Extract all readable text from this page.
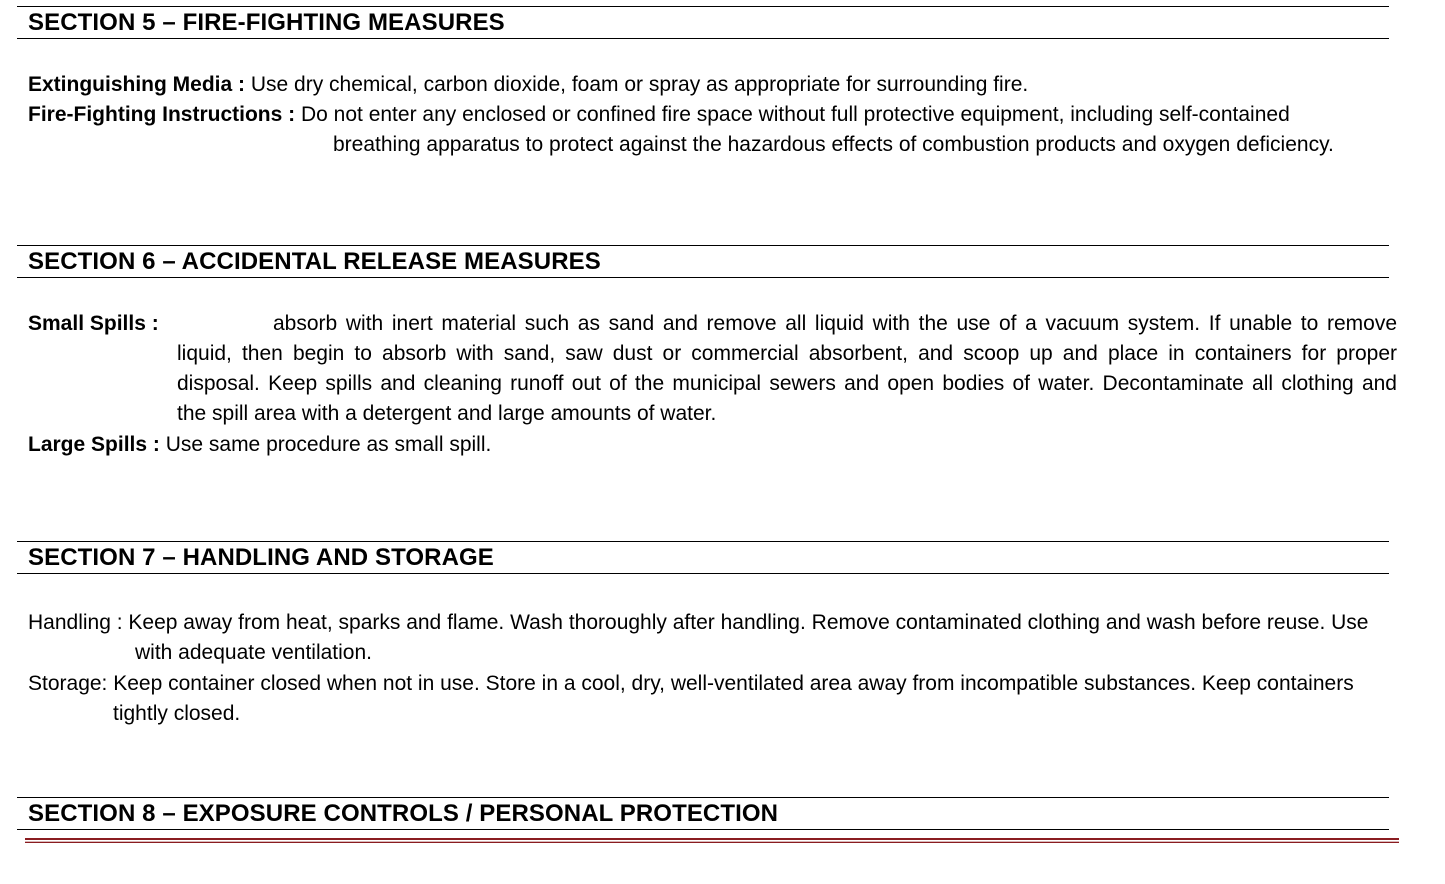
SECTION 5 – FIRE-FIGHTING MEASURES
Extinguishing Media : Use dry chemical, carbon dioxide, foam or spray as appropriate for surrounding fire.
Fire-Fighting Instructions : Do not enter any enclosed or confined fire space without full protective equipment, including self-contained
breathing apparatus to protect against the hazardous effects of combustion products and oxygen deficiency.
SECTION 6 – ACCIDENTAL RELEASE MEASURES
Small Spills :	absorb with inert material such as sand and remove all liquid with the use of a vacuum system. If unable to remove
liquid, then begin to absorb with sand, saw dust or commercial absorbent, and scoop up and place in containers for proper
disposal. Keep spills and cleaning runoff out of the municipal sewers and open bodies of water. Decontaminate all clothing and
the spill area with a detergent and large amounts of water.
Large Spills : Use same procedure as small spill.
SECTION 7 – HANDLING AND STORAGE
Handling : Keep away from heat, sparks and flame. Wash thoroughly after handling. Remove contaminated clothing and wash before reuse. Use
with adequate ventilation.
Storage: Keep container closed when not in use. Store in a cool, dry, well-ventilated area away from incompatible substances. Keep containers
tightly closed.
SECTION 8 – EXPOSURE CONTROLS / PERSONAL PROTECTION
